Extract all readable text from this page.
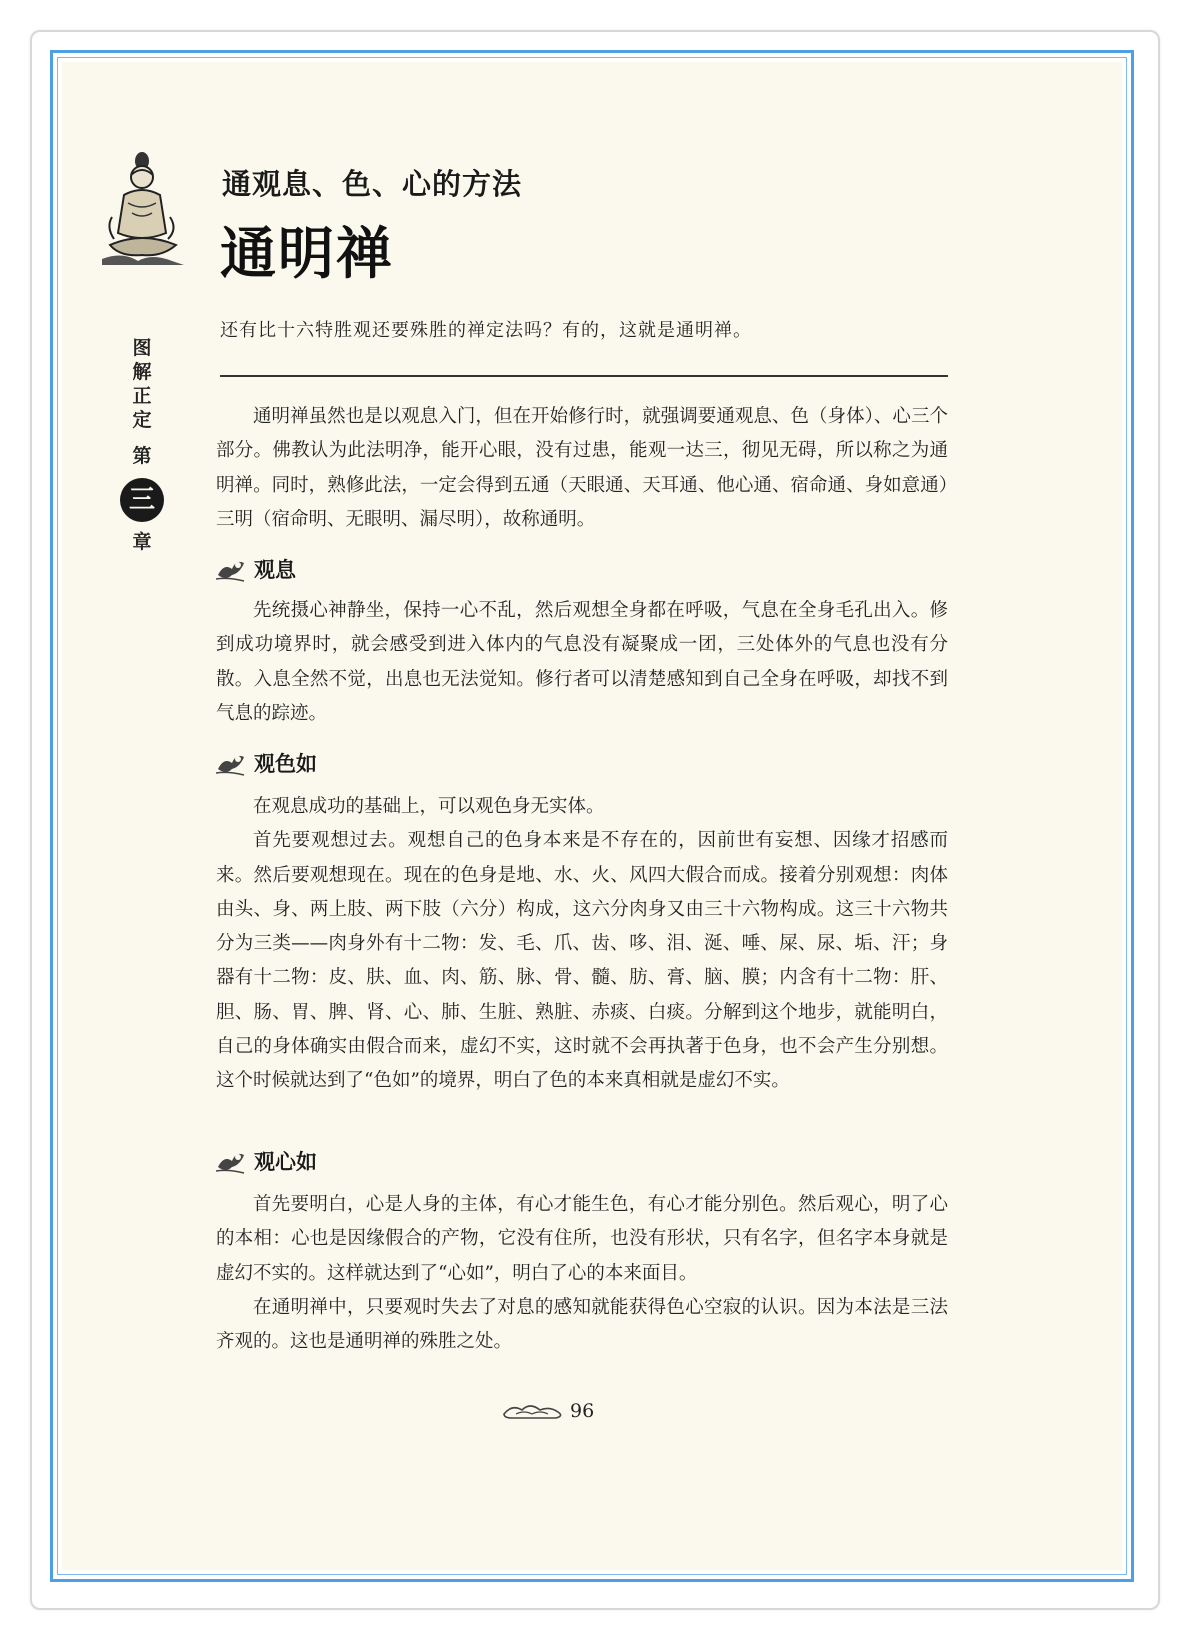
图
解
正
定
第
三
章
通观息、色、心的方法
通明禅
还有比十六特胜观还要殊胜的禅定法吗？有的，这就是通明禅。

通明禅虽然也是以观息入门，但在开始修行时，就强调要通观息、色（身体）、心三个部分。佛教认为此法明净，能开心眼，没有过患，能观一达三，彻见无碍，所以称之为通明禅。同时，熟修此法，一定会得到五通（天眼通、天耳通、他心通、宿命通、身如意通）三明（宿命明、无眼明、漏尽明），故称通明。

观息

先统摄心神静坐，保持一心不乱，然后观想全身都在呼吸，气息在全身毛孔出入。修到成功境界时，就会感受到进入体内的气息没有凝聚成一团，三处体外的气息也没有分散。入息全然不觉，出息也无法觉知。修行者可以清楚感知到自己全身在呼吸，却找不到气息的踪迹。

观色如

在观息成功的基础上，可以观色身无实体。

首先要观想过去。观想自己的色身本来是不存在的，因前世有妄想、因缘才招感而来。然后要观想现在。现在的色身是地、水、火、风四大假合而成。接着分别观想：肉体由头、身、两上肢、两下肢（六分）构成，这六分肉身又由三十六物构成。这三十六物共分为三类——肉身外有十二物：发、毛、爪、齿、哆、泪、涎、唾、屎、尿、垢、汗；身器有十二物：皮、肤、血、肉、筋、脉、骨、髓、肪、膏、脑、膜；内含有十二物：肝、胆、肠、胃、脾、肾、心、肺、生脏、熟脏、赤痰、白痰。分解到这个地步，就能明白，自己的身体确实由假合而来，虚幻不实，这时就不会再执著于色身，也不会产生分别想。这个时候就达到了“色如”的境界，明白了色的本来真相就是虚幻不实。

观心如

首先要明白，心是人身的主体，有心才能生色，有心才能分别色。然后观心，明了心的本相：心也是因缘假合的产物，它没有住所，也没有形状，只有名字，但名字本身就是虚幻不实的。这样就达到了“心如”，明白了心的本来面目。

在通明禅中，只要观时失去了对息的感知就能获得色心空寂的认识。因为本法是三法齐观的。这也是通明禅的殊胜之处。

96
